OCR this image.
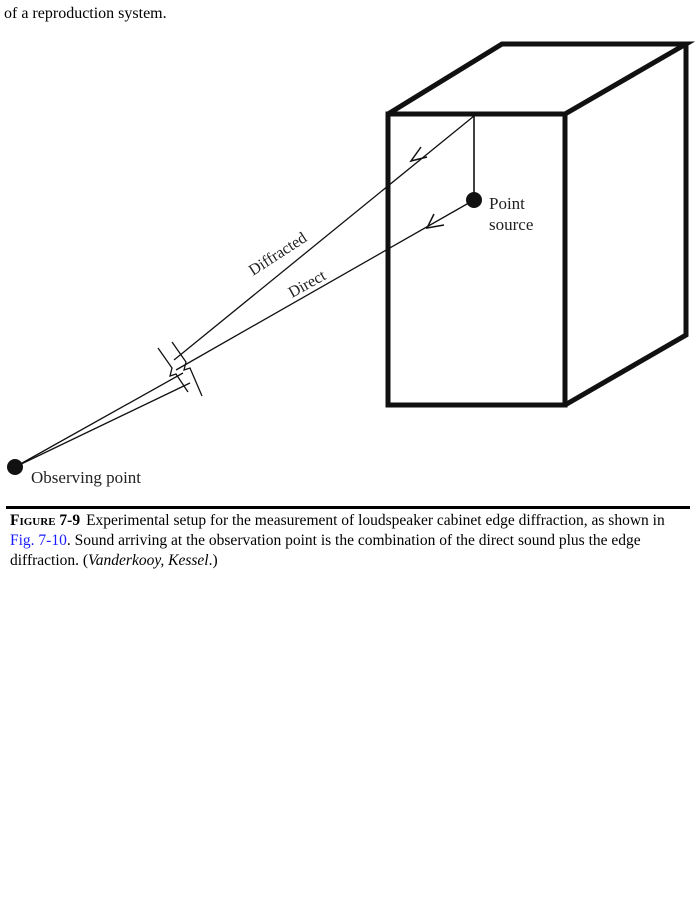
of a reproduction system.
Point
source
Diffracted
Direct
Observing point
Figure 7-9 Experimental setup for the measurement of loudspeaker cabinet edge diffraction, as shown in Fig. 7-10. Sound arriving at the observation point is the combination of the direct sound plus the edge diffraction. (Vanderkooy, Kessel.)
